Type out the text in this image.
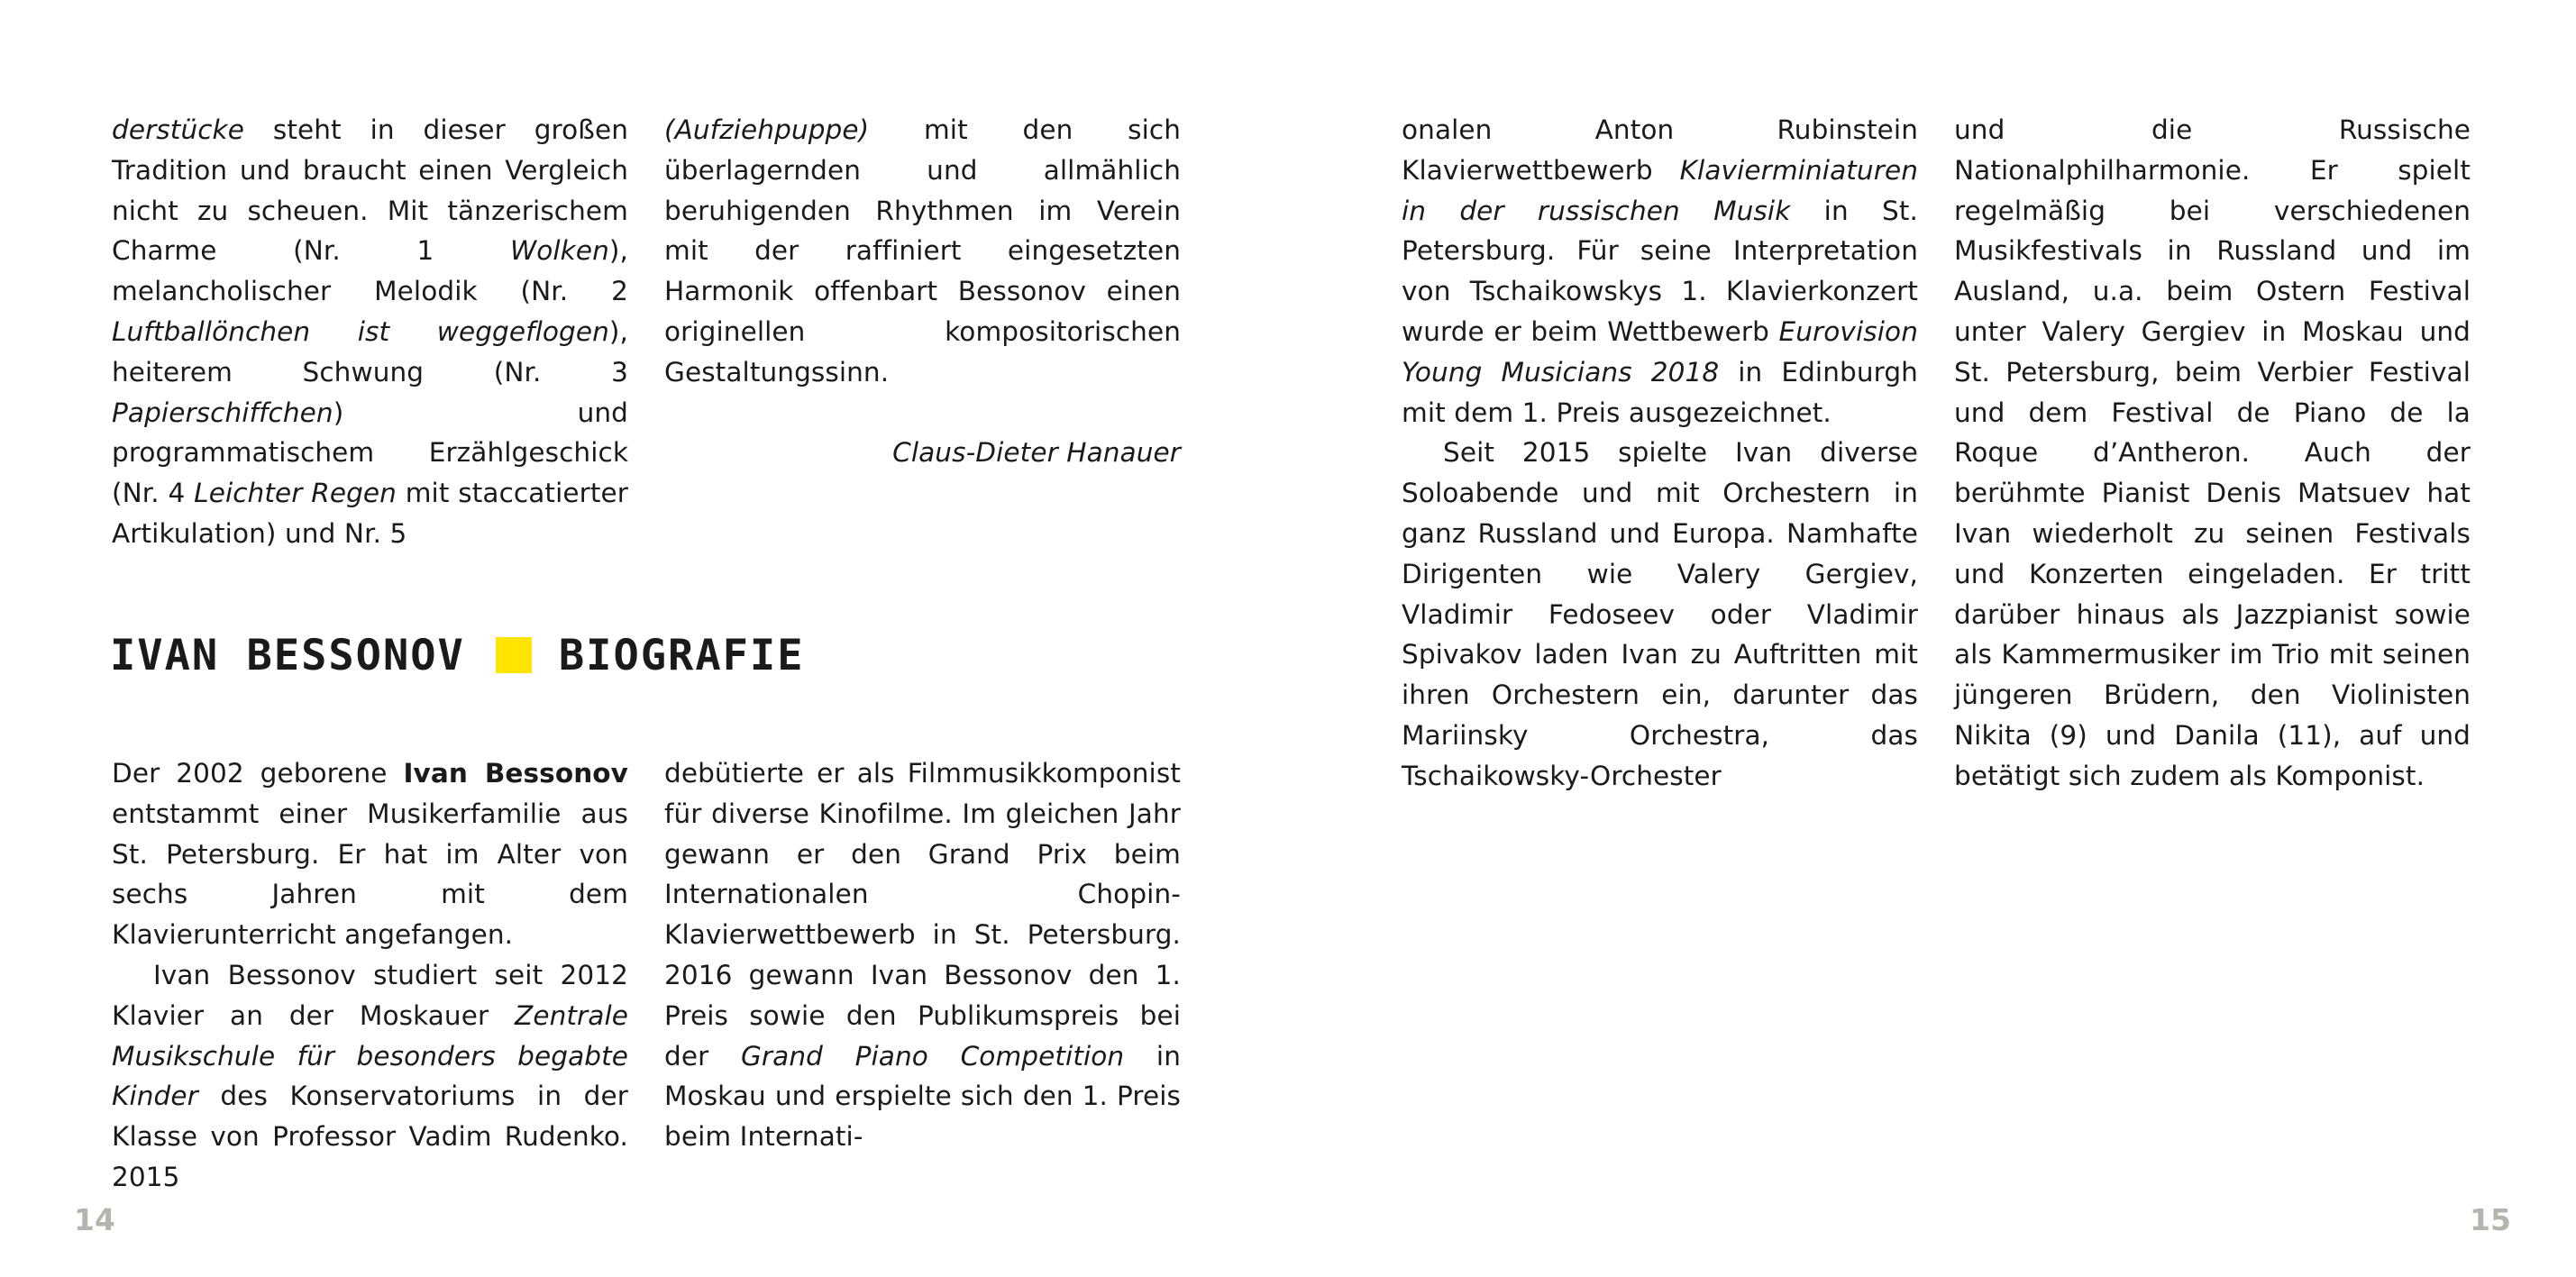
derstücke steht in dieser großen Tradition und braucht einen Vergleich nicht zu scheuen. Mit tänzerischem Charme (Nr. 1 Wolken), melancholischer Melodik (Nr. 2 Luftballönchen ist weggeflogen), heiterem Schwung (Nr. 3 Papierschiffchen) und programmatischem Erzählgeschick (Nr. 4 Leichter Regen mit staccatierter Artikulation) und Nr. 5

(Aufziehpuppe) mit den sich überlagernden und allmählich beruhigenden Rhythmen im Verein mit der raffiniert eingesetzten Harmonik offenbart Bessonov einen originellen kompositorischen Gestaltungssinn.

Claus-Dieter Hanauer

IVAN BESSONOV BIOGRAFIE

Der 2002 geborene Ivan Bessonov entstammt einer Musikerfamilie aus St. Petersburg. Er hat im Alter von sechs Jahren mit dem Klavierunterricht angefangen.

Ivan Bessonov studiert seit 2012 Klavier an der Moskauer Zentrale Musikschule für besonders begabte Kinder des Konservatoriums in der Klasse von Professor Vadim Rudenko. 2015

debütierte er als Filmmusikkomponist für diverse Kinofilme. Im gleichen Jahr gewann er den Grand Prix beim Internationalen Chopin-Klavierwettbewerb in St. Petersburg. 2016 gewann Ivan Bessonov den 1. Preis sowie den Publikumspreis bei der Grand Piano Competition in Moskau und erspielte sich den 1. Preis beim Internati-

onalen Anton Rubinstein Klavierwettbewerb Klavierminiaturen in der russischen Musik in St. Petersburg. Für seine Interpretation von Tschaikowskys 1. Klavierkonzert wurde er beim Wettbewerb Eurovision Young Musicians 2018 in Edinburgh mit dem 1. Preis ausgezeichnet.

Seit 2015 spielte Ivan diverse Soloabende und mit Orchestern in ganz Russland und Europa. Namhafte Dirigenten wie Valery Gergiev, Vladimir Fedoseev oder Vladimir Spivakov laden Ivan zu Auftritten mit ihren Orchestern ein, darunter das Mariinsky Orchestra, das Tschaikowsky-Orchester

und die Russische Nationalphilharmonie. Er spielt regelmäßig bei verschiedenen Musikfestivals in Russland und im Ausland, u.a. beim Ostern Festival unter Valery Gergiev in Moskau und St. Petersburg, beim Verbier Festival und dem Festival de Piano de la Roque d’Antheron. Auch der berühmte Pianist Denis Matsuev hat Ivan wiederholt zu seinen Festivals und Konzerten eingeladen. Er tritt darüber hinaus als Jazzpianist sowie als Kammermusiker im Trio mit seinen jüngeren Brüdern, den Violinisten Nikita (9) und Danila (11), auf und betätigt sich zudem als Komponist.

14	15
